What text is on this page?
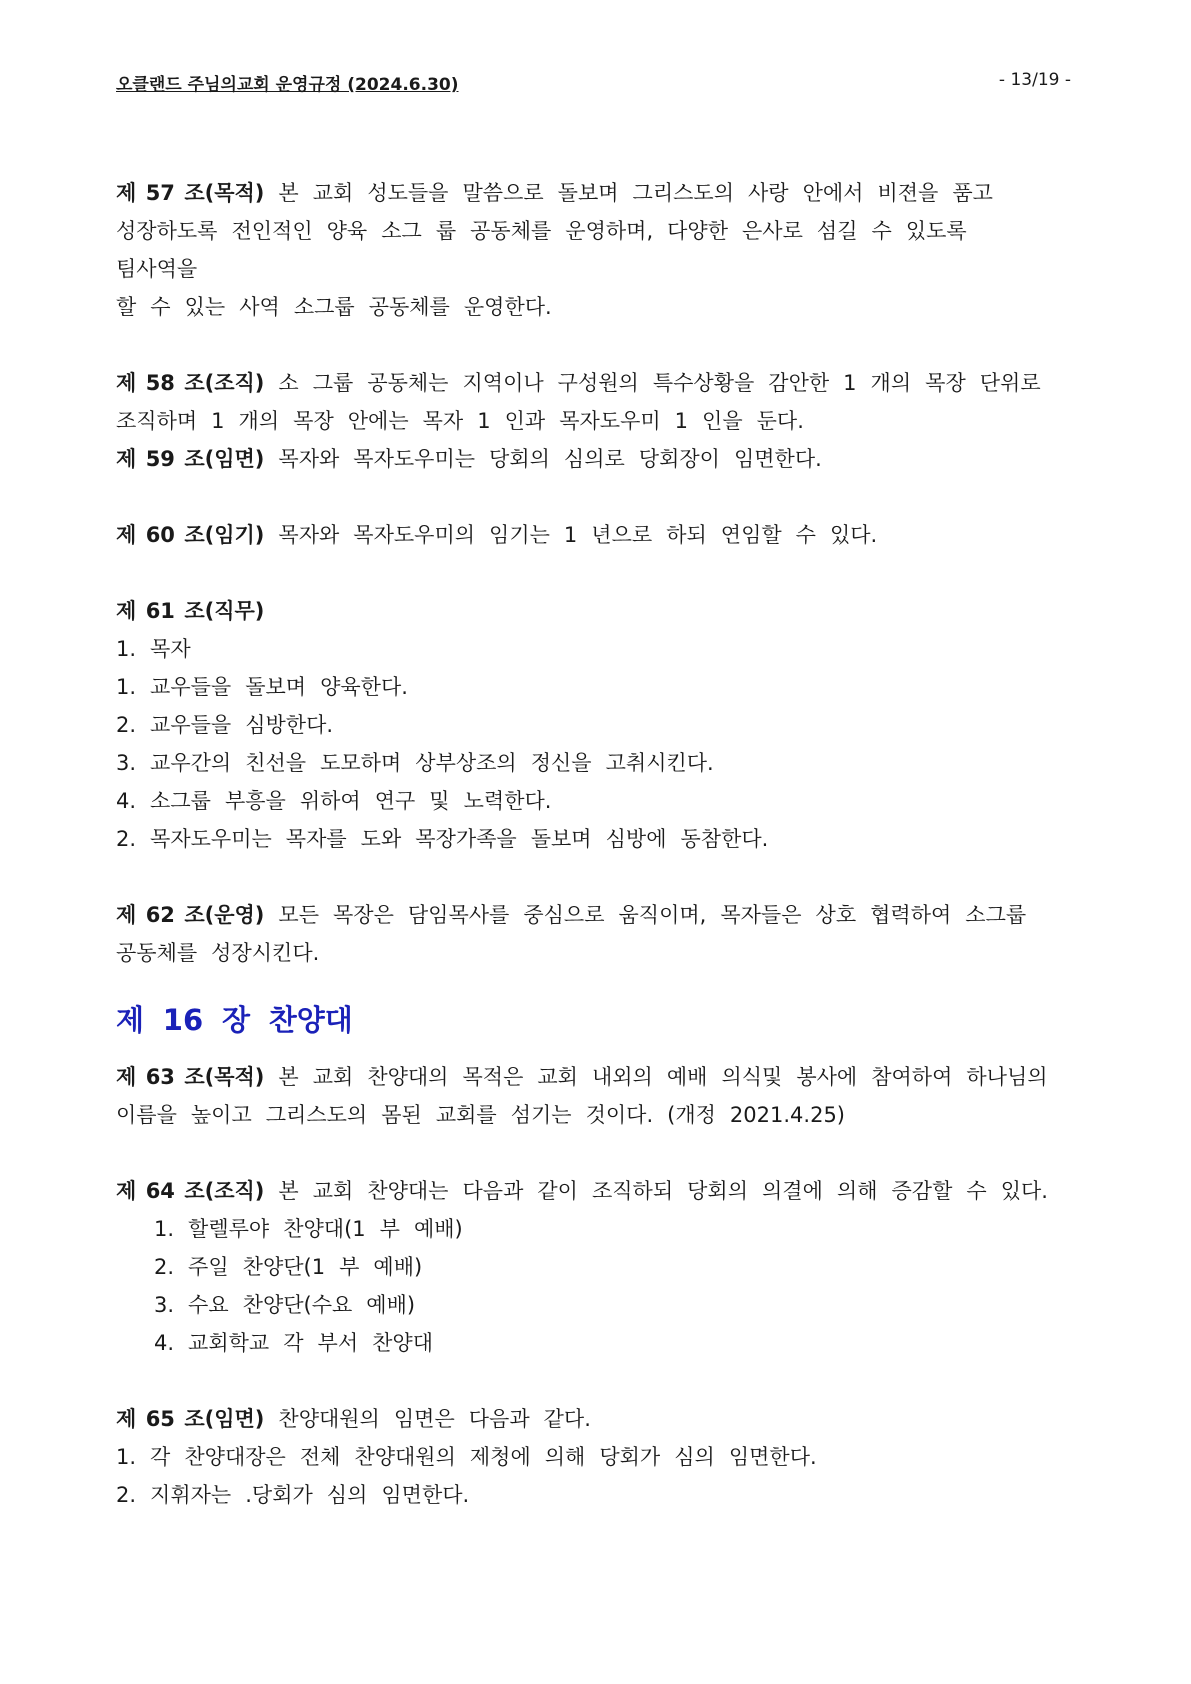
오클랜드 주님의교회 운영규정 (2024.6.30)	- 13/19 -
제 57 조(목적) 본 교회 성도들을 말씀으로 돌보며 그리스도의 사랑 안에서 비젼을 품고
성장하도록 전인적인 양육 소그 룹 공동체를 운영하며, 다양한 은사로 섬길 수 있도록
팀사역을
할 수 있는 사역 소그룹 공동체를 운영한다.
제 58 조(조직) 소 그룹 공동체는 지역이나 구성원의 특수상황을 감안한 1 개의 목장 단위로
조직하며 1 개의 목장 안에는 목자 1 인과 목자도우미 1 인을 둔다.
제 59 조(임면) 목자와 목자도우미는 당회의 심의로 당회장이 임면한다.
제 60 조(임기) 목자와 목자도우미의 임기는 1 년으로 하되 연임할 수 있다.
제 61 조(직무)
1. 목자
1. 교우들을 돌보며 양육한다.
2. 교우들을 심방한다.
3. 교우간의 친선을 도모하며 상부상조의 정신을 고취시킨다.
4. 소그룹 부흥을 위하여 연구 및 노력한다.
2. 목자도우미는 목자를 도와 목장가족을 돌보며 심방에 동참한다.
제 62 조(운영) 모든 목장은 담임목사를 중심으로 움직이며, 목자들은 상호 협력하여 소그룹
공동체를 성장시킨다.
제 16 장 찬양대
제 63 조(목적) 본 교회 찬양대의 목적은 교회 내외의 예배 의식및 봉사에 참여하여 하나님의
이름을 높이고 그리스도의 몸된 교회를 섬기는 것이다. (개정 2021.4.25)
제 64 조(조직) 본 교회 찬양대는 다음과 같이 조직하되 당회의 의결에 의해 증감할 수 있다.
1. 할렐루야 찬양대(1 부 예배)
2. 주일 찬양단(1 부 예배)
3. 수요 찬양단(수요 예배)
4. 교회학교 각 부서 찬양대
제 65 조(임면) 찬양대원의 임면은 다음과 같다.
1. 각 찬양대장은 전체 찬양대원의 제청에 의해 당회가 심의 임면한다.
2. 지휘자는 .당회가 심의 임면한다.
